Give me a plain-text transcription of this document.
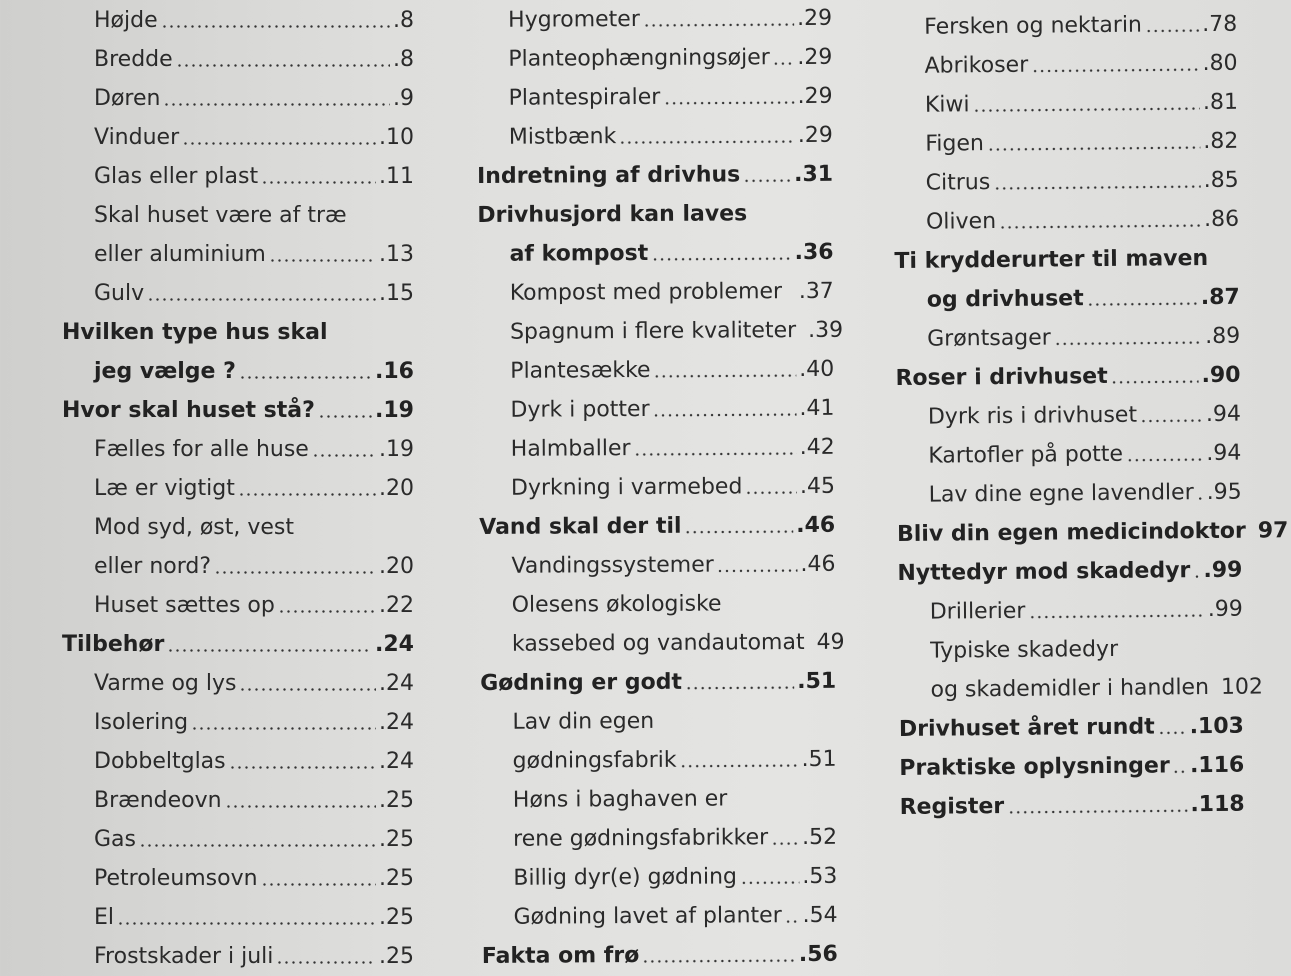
Højde	.8
Bredde	.8
Døren	.9
Vinduer	.10
Glas eller plast	.11
Skal huset være af træ
eller aluminium	.13
Gulv	.15
Hvilken type hus skal
jeg vælge ?	.16
Hvor skal huset stå?	.19
Fælles for alle huse	.19
Læ er vigtigt	.20
Mod syd, øst, vest
eller nord?	.20
Huset sættes op	.22
Tilbehør	.24
Varme og lys	.24
Isolering	.24
Dobbeltglas	.24
Brændeovn	.25
Gas	.25
Petroleumsovn	.25
El	.25
Frostskader i juli	.25
Hygrometer	.29
Planteophængningsøjer .29
Plantespiraler	.29
Mistbænk	.29
Indretning af drivhus .31
Drivhusjord kan laves
af kompost	.36
Kompost med problemer .37
Spagnum i flere kvaliteter .39
Plantesække	.40
Dyrk i potter	.41
Halmballer	.42
Dyrkning i varmebed	.45
Vand skal der til	.46
Vandingssystemer	.46
Olesens økologiske
kassebed og vandautomat 49
Gødning er godt	.51
Lav din egen
gødningsfabrik	.51
Høns i baghaven er
rene gødningsfabrikker .52
Billig dyr(e) gødning	.53
Gødning lavet af planter .54
Fakta om frø	.56
Fersken og nektarin	.78
Abrikoser	.80
Kiwi	.81
Figen	.82
Citrus	.85
Oliven	.86
Ti krydderurter til maven
og drivhuset	.87
Grøntsager	.89
Roser i drivhuset	.90
Dyrk ris i drivhuset	.94
Kartofler på potte	.94
Lav dine egne lavendler .95
Bliv din egen medicindoktor 97
Nyttedyr mod skadedyr .99
Drillerier	.99
Typiske skadedyr
og skademidler i handlen 102
Drivhuset året rundt .103
Praktiske oplysninger .116
Register	.118
